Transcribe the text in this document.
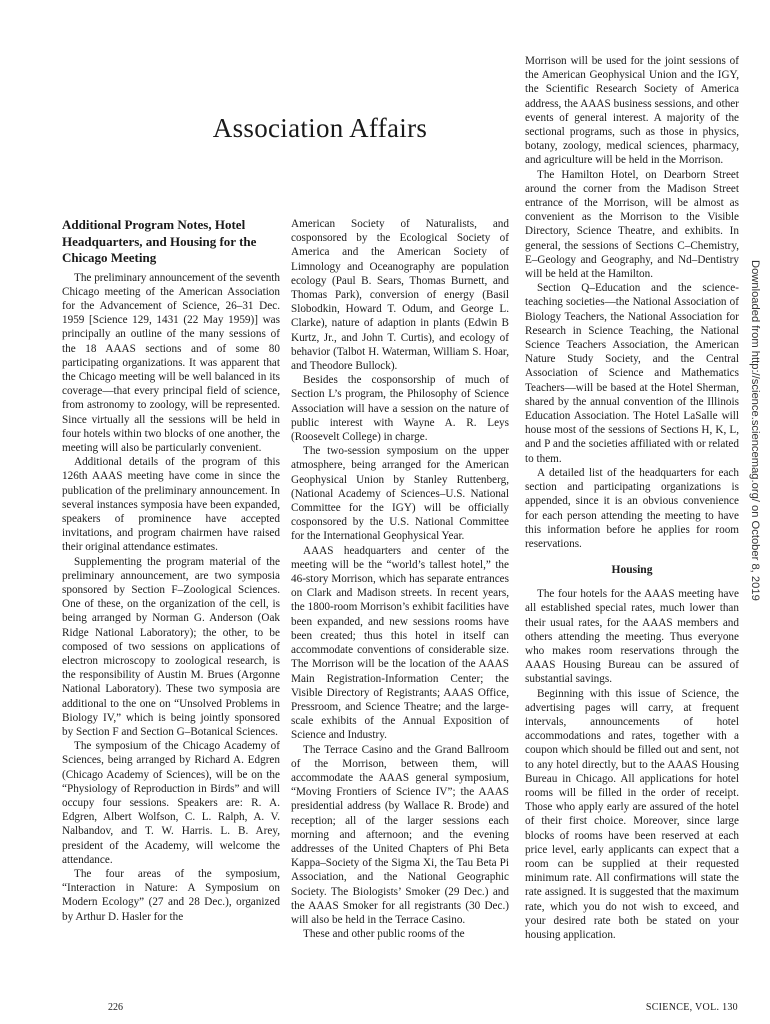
Association Affairs
Additional Program Notes, Hotel Headquarters, and Housing for the Chicago Meeting

The preliminary announcement of the seventh Chicago meeting of the American Association for the Advancement of Science, 26–31 Dec. 1959 [Science 129, 1431 (22 May 1959)] was principally an outline of the many sessions of the 18 AAAS sections and of some 80 participating organizations. It was apparent that the Chicago meeting will be well balanced in its coverage—that every principal field of science, from astronomy to zoology, will be represented. Since virtually all the sessions will be held in four hotels within two blocks of one another, the meeting will also be particularly convenient.

Additional details of the program of this 126th AAAS meeting have come in since the publication of the preliminary announcement. In several instances symposia have been expanded, speakers of prominence have accepted invitations, and program chairmen have raised their original attendance estimates.

Supplementing the program material of the preliminary announcement, are two symposia sponsored by Section F–Zoological Sciences. One of these, on the organization of the cell, is being arranged by Norman G. Anderson (Oak Ridge National Laboratory); the other, to be composed of two sessions on applications of electron microscopy to zoological research, is the responsibility of Austin M. Brues (Argonne National Laboratory). These two symposia are additional to the one on “Unsolved Problems in Biology IV,” which is being jointly sponsored by Section F and Section G–Botanical Sciences.

The symposium of the Chicago Academy of Sciences, being arranged by Richard A. Edgren (Chicago Academy of Sciences), will be on the “Physiology of Reproduction in Birds” and will occupy four sessions. Speakers are: R. A. Edgren, Albert Wolfson, C. L. Ralph, A. V. Nalbandov, and T. W. Harris. L. B. Arey, president of the Academy, will welcome the attendance.

The four areas of the symposium, “Interaction in Nature: A Symposium on Modern Ecology” (27 and 28 Dec.), organized by Arthur D. Hasler for the

American Society of Naturalists, and cosponsored by the Ecological Society of America and the American Society of Limnology and Oceanography are population ecology (Paul B. Sears, Thomas Burnett, and Thomas Park), conversion of energy (Basil Slobodkin, Howard T. Odum, and George L. Clarke), nature of adaption in plants (Edwin B Kurtz, Jr., and John T. Curtis), and ecology of behavior (Talbot H. Waterman, William S. Hoar, and Theodore Bullock).

Besides the cosponsorship of much of Section L’s program, the Philosophy of Science Association will have a session on the nature of public interest with Wayne A. R. Leys (Roosevelt College) in charge.

The two-session symposium on the upper atmosphere, being arranged for the American Geophysical Union by Stanley Ruttenberg, (National Academy of Sciences–U.S. National Committee for the IGY) will be officially cosponsored by the U.S. National Committee for the International Geophysical Year.

AAAS headquarters and center of the meeting will be the “world’s tallest hotel,” the 46-story Morrison, which has separate entrances on Clark and Madison streets. In recent years, the 1800-room Morrison’s exhibit facilities have been expanded, and new sessions rooms have been created; thus this hotel in itself can accommodate conventions of considerable size. The Morrison will be the location of the AAAS Main Registration-Information Center; the Visible Directory of Registrants; AAAS Office, Pressroom, and Science Theatre; and the large-scale exhibits of the Annual Exposition of Science and Industry.

The Terrace Casino and the Grand Ballroom of the Morrison, between them, will accommodate the AAAS general symposium, “Moving Frontiers of Science IV”; the AAAS presidential address (by Wallace R. Brode) and reception; all of the larger sessions each morning and afternoon; and the evening addresses of the United Chapters of Phi Beta Kappa–Society of the Sigma Xi, the Tau Beta Pi Association, and the National Geographic Society. The Biologists’ Smoker (29 Dec.) and the AAAS Smoker for all registrants (30 Dec.) will also be held in the Terrace Casino.

These and other public rooms of the

Morrison will be used for the joint sessions of the American Geophysical Union and the IGY, the Scientific Research Society of America address, the AAAS business sessions, and other events of general interest. A majority of the sectional programs, such as those in physics, botany, zoology, medical sciences, pharmacy, and agriculture will be held in the Morrison.

The Hamilton Hotel, on Dearborn Street around the corner from the Madison Street entrance of the Morrison, will be almost as convenient as the Morrison to the Visible Directory, Science Theatre, and exhibits. In general, the sessions of Sections C–Chemistry, E–Geology and Geography, and Nd–Dentistry will be held at the Hamilton.

Section Q–Education and the science-teaching societies—the National Association of Biology Teachers, the National Association for Research in Science Teaching, the National Science Teachers Association, the American Nature Study Society, and the Central Association of Science and Mathematics Teachers—will be based at the Hotel Sherman, shared by the annual convention of the Illinois Education Association. The Hotel LaSalle will house most of the sessions of Sections H, K, L, and P and the societies affiliated with or related to them.

A detailed list of the headquarters for each section and participating organizations is appended, since it is an obvious convenience for each person attending the meeting to have this information before he applies for room reservations.

Housing

The four hotels for the AAAS meeting have all established special rates, much lower than their usual rates, for the AAAS members and others attending the meeting. Thus everyone who makes room reservations through the AAAS Housing Bureau can be assured of substantial savings.

Beginning with this issue of Science, the advertising pages will carry, at frequent intervals, announcements of hotel accommodations and rates, together with a coupon which should be filled out and sent, not to any hotel directly, but to the AAAS Housing Bureau in Chicago. All applications for hotel rooms will be filled in the order of receipt. Those who apply early are assured of the hotel of their first choice. Moreover, since large blocks of rooms have been reserved at each price level, early applicants can expect that a room can be supplied at their requested minimum rate. All confirmations will state the rate assigned. It is suggested that the maximum rate, which you do not wish to exceed, and your desired rate both be stated on your housing application.

226	SCIENCE, VOL. 130
Downloaded from http://science.sciencemag.org/ on October 8, 2019
